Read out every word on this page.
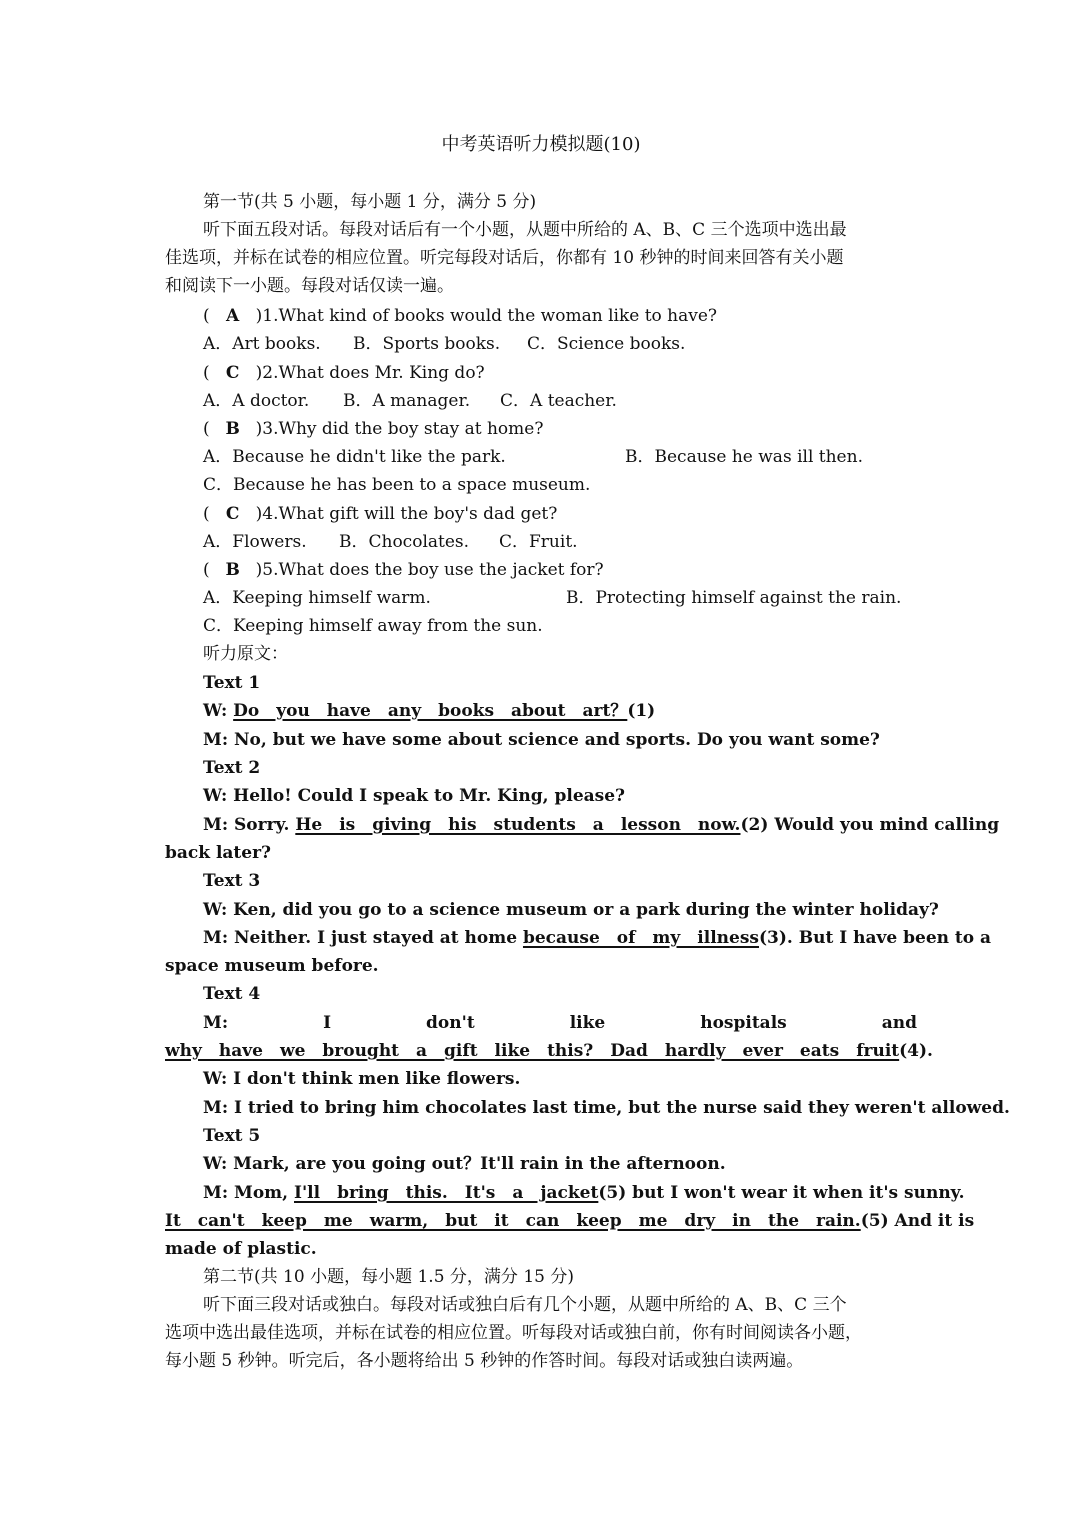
中考英语听力模拟题(10)
第一节(共 5 小题，每小题 1 分，满分 5 分)
听下面五段对话。每段对话后有一个小题，从题中所给的 A、B、C 三个选项中选出最
佳选项，并标在试卷的相应位置。听完每段对话后，你都有 10 秒钟的时间来回答有关小题
和阅读下一小题。每段对话仅读一遍。
( A )1.What kind of books would the woman like to have?
A．Art books. B．Sports books. C．Science books.
( C )2.What does Mr. King do?
A．A doctor. B．A manager. C．A teacher.
( B )3.Why did the boy stay at home?
A．Because he didn't like the park.	B．Because he was ill then.
C．Because he has been to a space museum.
( C )4.What gift will the boy's dad get?
A．Flowers. B．Chocolates. C．Fruit.
( B )5.What does the boy use the jacket for?
A．Keeping himself warm.	B．Protecting himself against the rain.
C．Keeping himself away from the sun.
听力原文：
Text 1
W: Do　you　have　any　books　about　art？(1)
M: No, but we have some about science and sports. Do you want some?
Text 2
W: Hello! Could I speak to Mr. King, please?
M: Sorry. He　is　giving　his　students　a　lesson　now.(2) Would you mind calling
back later?
Text 3
W: Ken, did you go to a science museum or a park during the winter holiday?
M: Neither. I just stayed at home because　of　my　illness(3). But I have been to a
space museum before.
Text 4
M:	I	don't	like	hospitals	and
why　have　we　brought　a　gift　like　this?　Dad　hardly　ever　eats　fruit(4).
W: I don't think men like flowers.
M: I tried to bring him chocolates last time, but the nurse said they weren't allowed.
Text 5
W: Mark, are you going out？It'll rain in the afternoon.
M: Mom, I'll　bring　this.　It's　a　jacket(5) but I won't wear it when it's sunny.
It　can't　keep　me　warm,　but　it　can　keep　me　dry　in　the　rain.(5) And it is
made of plastic.
第二节(共 10 小题，每小题 1.5 分，满分 15 分)
听下面三段对话或独白。每段对话或独白后有几个小题，从题中所给的 A、B、C 三个
选项中选出最佳选项，并标在试卷的相应位置。听每段对话或独白前，你有时间阅读各小题，
每小题 5 秒钟。听完后，各小题将给出 5 秒钟的作答时间。每段对话或独白读两遍。
